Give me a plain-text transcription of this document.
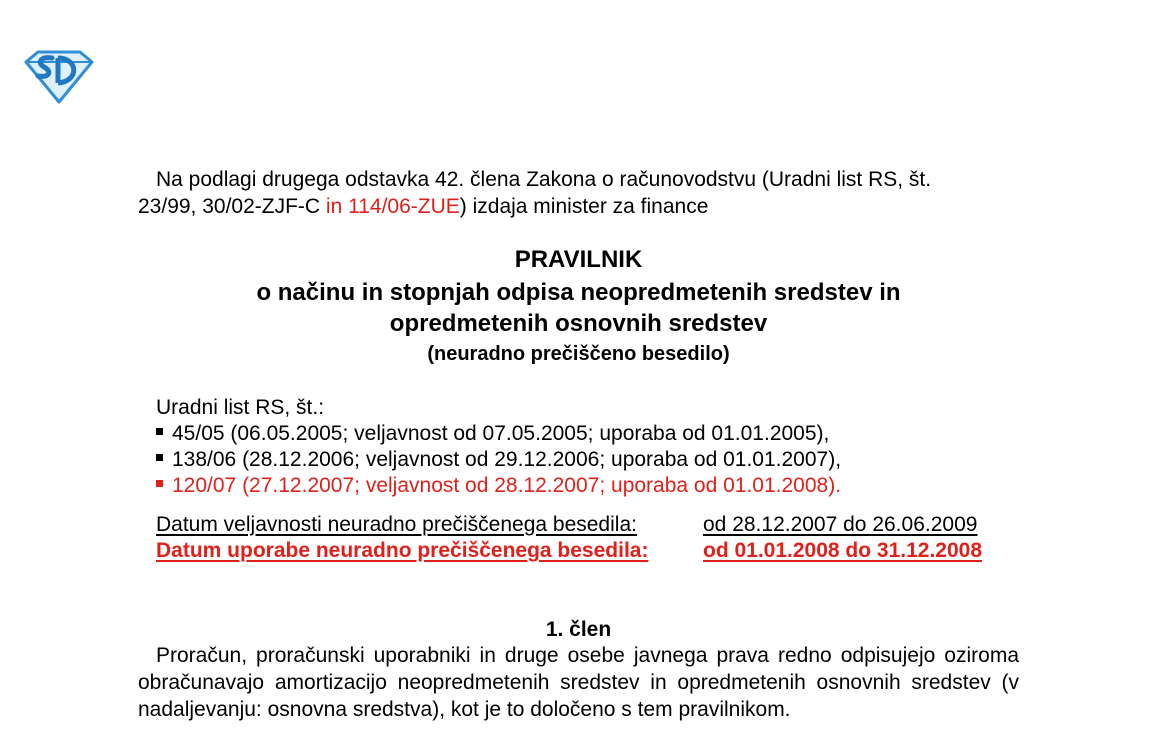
Na podlagi drugega odstavka 42. člena Zakona o računovodstvu (Uradni list RS, št.
23/99, 30/02-ZJF-C in 114/06-ZUE) izdaja minister za finance
PRAVILNIK
o načinu in stopnjah odpisa neopredmetenih sredstev in
opredmetenih osnovnih sredstev
(neuradno prečiščeno besedilo)
Uradni list RS, št.:
45/05 (06.05.2005; veljavnost od 07.05.2005; uporaba od 01.01.2005),
138/06 (28.12.2006; veljavnost od 29.12.2006; uporaba od 01.01.2007),
120/07 (27.12.2007; veljavnost od 28.12.2007; uporaba od 01.01.2008).
Datum veljavnosti neuradno prečiščenega besedila:	od 28.12.2007 do 26.06.2009
Datum uporabe neuradno prečiščenega besedila:	od 01.01.2008 do 31.12.2008
1. člen
Proračun, proračunski uporabniki in druge osebe javnega prava redno odpisujejo oziroma obračunavajo amortizacijo neopredmetenih sredstev in opredmetenih osnovnih sredstev (v nadaljevanju: osnovna sredstva), kot je to določeno s tem pravilnikom.
